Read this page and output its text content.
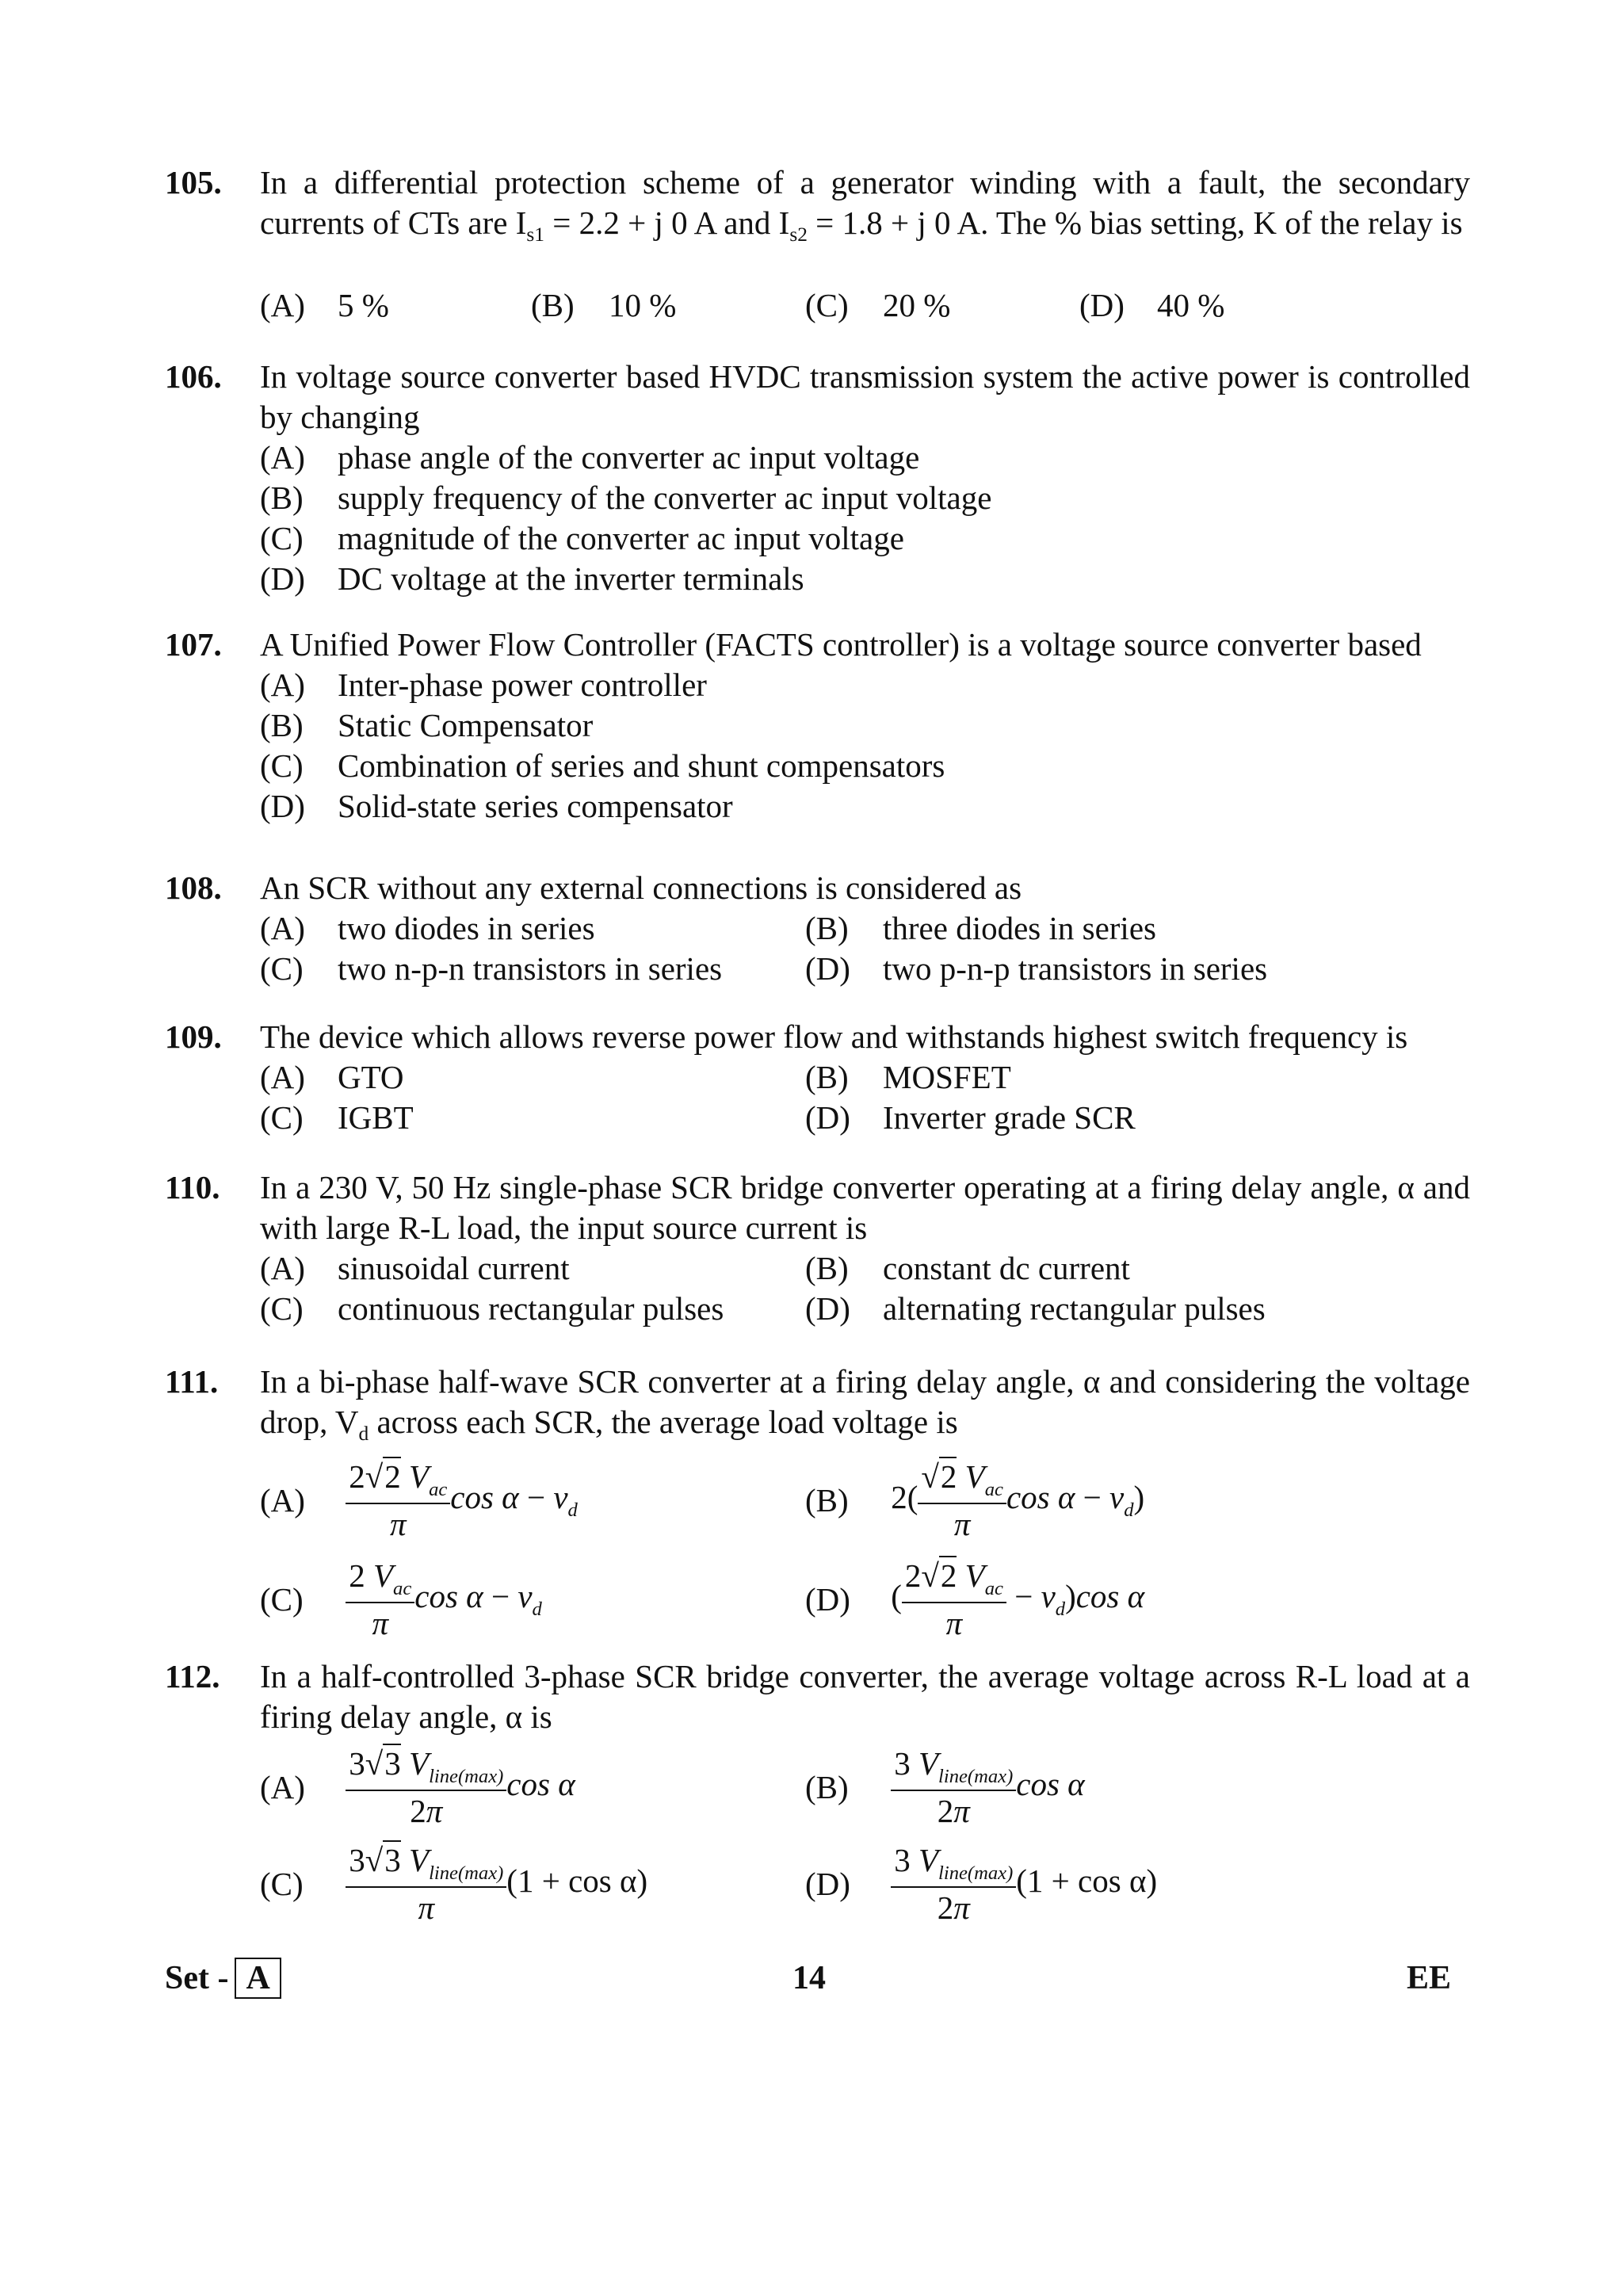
105. In a differential protection scheme of a generator winding with a fault, the secondary currents of CTs are $I_{s1} = 2.2 + j$ 0 A and $I_{s2} = 1.8 + j$ 0 A. The % bias setting, K of the relay is
(A) 5 %	(B) 10 %	(C) 20 %	(D) 40 %
106. In voltage source converter based HVDC transmission system the active power is controlled by changing
(A) phase angle of the converter ac input voltage
(B) supply frequency of the converter ac input voltage
(C) magnitude of the converter ac input voltage
(D) DC voltage at the inverter terminals
107. A Unified Power Flow Controller (FACTS controller) is a voltage source converter based
(A) Inter-phase power controller
(B) Static Compensator
(C) Combination of series and shunt compensators
(D) Solid-state series compensator
108. An SCR without any external connections is considered as
(A) two diodes in series	(B) three diodes in series
(C) two n-p-n transistors in series	(D) two p-n-p transistors in series
109. The device which allows reverse power flow and withstands highest switch frequency is
(A) GTO	(B) MOSFET
(C) IGBT	(D) Inverter grade SCR
110. In a 230 V, 50 Hz single-phase SCR bridge converter operating at a firing delay angle, α and with large R-L load, the input source current is
(A) sinusoidal current	(B) constant dc current
(C) continuous rectangular pulses	(D) alternating rectangular pulses
111. In a bi-phase half-wave SCR converter at a firing delay angle, α and considering the voltage drop, $V_d$ across each SCR, the average load voltage is
$(A) \frac{2√2 V_{ac}}{\pi}$ $\cos \alpha - v_d$	(B) $2( \frac{√2 V_{ac}}{\pi}$ $\cos \alpha - v_d$)
$(C) \frac{2 V_{ac}}{\pi}$ $\cos \alpha - v_d$	(D) ( $\frac{2√2 V_{ac}}{\pi} - v_d)\cos$ α
112. In a half-controlled 3-phase SCR bridge converter, the average voltage across R-L load at a firing delay angle, α is
$(A) \frac{3√3 V_{line(max)}}{2\pi}$ cos α	$(B) \frac{3 V_{line(max)}}{2\pi}$ cos α
$(C) \frac{3√3 V_{line(max)}}{\pi} (1 + \cos \alpha)$	$(D) \frac{3 V_{line(max)}}{2\pi} (1 + \cos \alpha)$
Set - A	14	EE
